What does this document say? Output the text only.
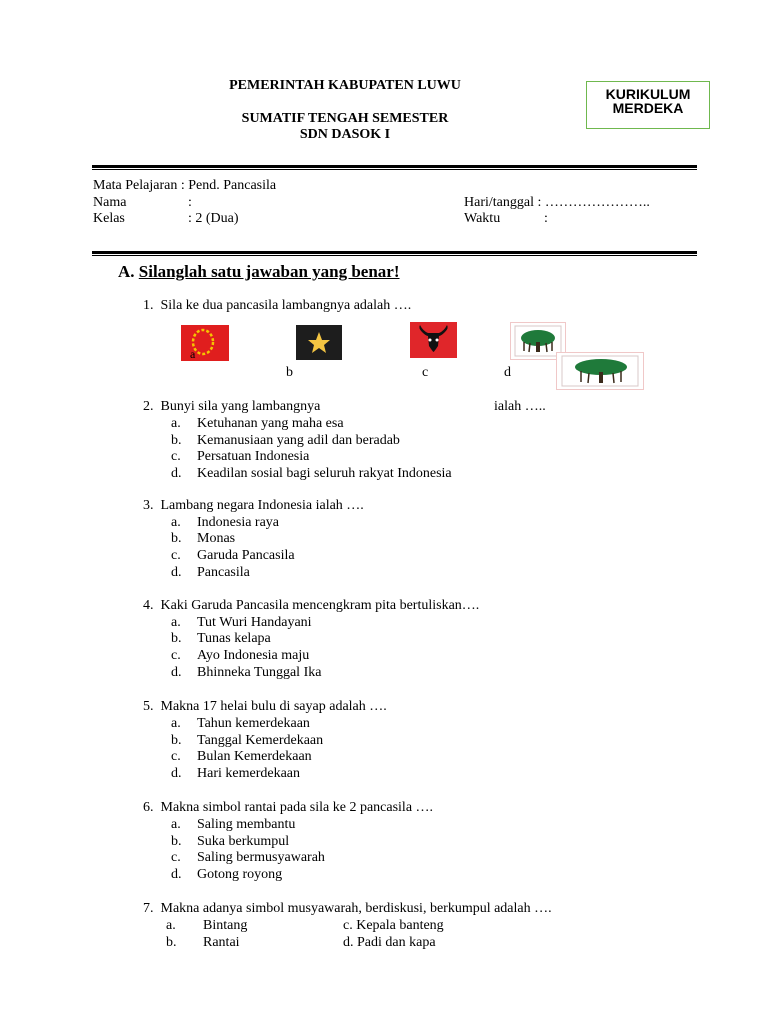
PEMERINTAH KABUPATEN LUWU
SUMATIF TENGAH SEMESTER
SDN DASOK I
KURIKULUM
MERDEKA
Mata Pelajaran : Pend. Pancasila
Nama	:
Kelas	: 2 (Dua)
Hari/tanggal : …………………..
Waktu	:
A. Silanglah satu jawaban yang benar!
1. Sila ke dua pancasila lambangnya adalah ….
a
b	c	d
2. Bunyi sila yang lambangnya	ialah …..
a. Ketuhanan yang maha esa
b. Kemanusiaan yang adil dan beradab
c. Persatuan Indonesia
d. Keadilan sosial bagi seluruh rakyat Indonesia
3. Lambang negara Indonesia ialah ….
a. Indonesia raya
b. Monas
c. Garuda Pancasila
d. Pancasila
4. Kaki Garuda Pancasila mencengkram pita bertuliskan….
a. Tut Wuri Handayani
b. Tunas kelapa
c. Ayo Indonesia maju
d. Bhinneka Tunggal Ika
5. Makna 17 helai bulu di sayap adalah ….
a. Tahun kemerdekaan
b. Tanggal Kemerdekaan
c. Bulan Kemerdekaan
d. Hari kemerdekaan
6. Makna simbol rantai pada sila ke 2 pancasila ….
a. Saling membantu
b. Suka berkumpul
c. Saling bermusyawarah
d. Gotong royong
7. Makna adanya simbol musyawarah, berdiskusi, berkumpul adalah ….
a. Bintang	c. Kepala banteng
b. Rantai	d. Padi dan kapa
